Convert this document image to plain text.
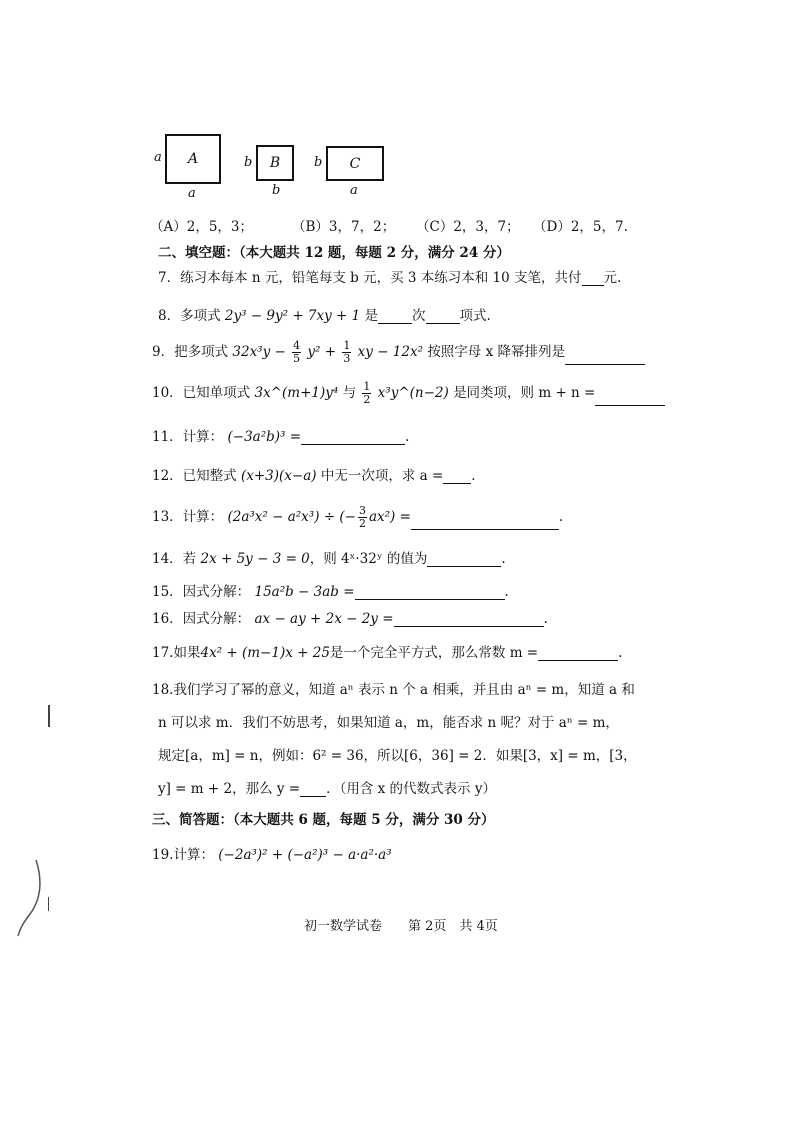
a A
a
b B
b
b C
a
（A）2，5，3；	（B）3，7，2； （C）2，3，7； （D）2，5，7.
二、填空题：（本大题共 12 题，每题 2 分，满分 24 分）
7．练习本每本 n 元，铅笔每支 b 元，买 3 本练习本和 10 支笔，共付 元.
8．多项式 2y³ − 9y² + 7xy + 1 是	次	项式.
9．把多项式 $32x^3y - \frac{4}{5} y^2 + \frac{1}{3}$ xy − 12x² 按照字母 x 降幂排列是
10．已知单项式 3x^(m+1)y⁴ 与 $\frac{1}{2}$ x³y^(n−2) 是同类项，则 m + n =
11．计算： (−3a²b)³ =	.
12．已知整式 (x+3)(x−a) 中无一次项，求 a = .
13．计算： (2a³x² − a²x³) ÷ (− $\frac{3}{2} ax^2$) =	.
14．若 2x + 5y − 3 = 0，则 4ˣ·32ʸ 的值为	.
15．因式分解： 15a²b − 3ab =	.
16．因式分解： ax − ay + 2x − 2y =	.
17.如果4x² + (m−1)x + 25是一个完全平方式，那么常数 m =	.
18.我们学习了幂的意义，知道 aⁿ 表示 n 个 a 相乘，并且由 aⁿ = m，知道 a 和
n 可以求 m．我们不妨思考，如果知道 a，m，能否求 n 呢？对于 aⁿ = m，
规定[a，m] = n，例如：6² = 36，所以[6，36] = 2．如果[3，x] = m，[3，
y] = m + 2，那么 y = ．（用含 x 的代数式表示 y）
三、简答题：（本大题共 6 题，每题 5 分，满分 30 分）
19.计算： (−2a³)² + (−a²)³ − a·a²·a³
初一数学试卷　　第 2页　共 4页
